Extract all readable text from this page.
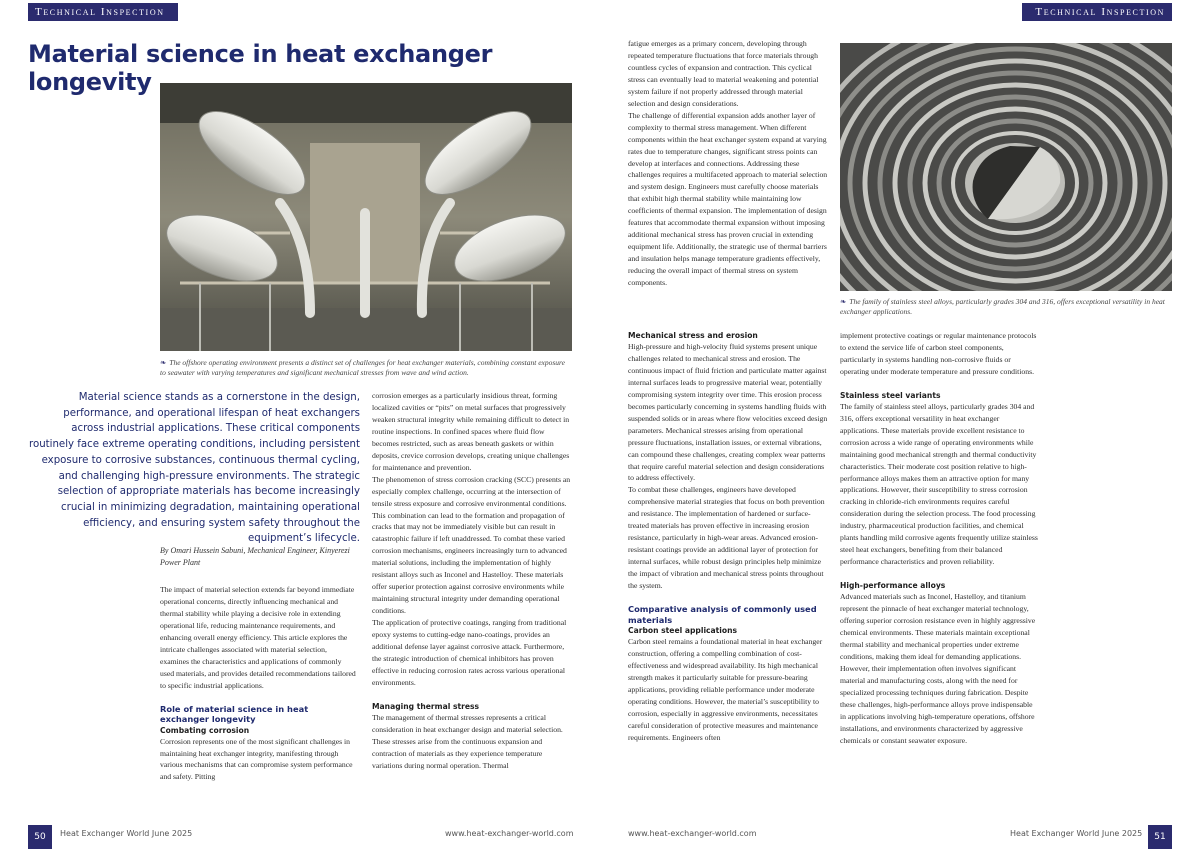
Technical Inspection	Technical Inspection
Material science in heat exchanger longevity
❧ The offshore operating environment presents a distinct set of challenges for heat exchanger materials, combining constant exposure to seawater with varying temperatures and significant mechanical stresses from wave and wind action.

Material science stands as a cornerstone in the design, performance, and operational lifespan of heat exchangers across industrial applications. These critical components routinely face extreme operating conditions, including persistent exposure to corrosive substances, continuous thermal cycling, and challenging high-pressure environments. The strategic selection of appropriate materials has become increasingly crucial in minimizing degradation, maintaining operational efficiency, and ensuring system safety throughout the equipment’s lifecycle.

By Omari Hussein Sabuni, Mechanical Engineer, Kinyerezi Power Plant

The impact of material selection extends far beyond immediate operational concerns, directly influencing mechanical and thermal stability while playing a decisive role in extending operational life, reducing maintenance requirements, and enhancing overall energy efficiency. This article explores the intricate challenges associated with material selection, examines the characteristics and applications of commonly used materials, and provides detailed recommendations tailored to specific industrial applications.

Role of material science in heat exchanger longevity
Combating corrosion

Corrosion represents one of the most significant challenges in maintaining heat exchanger integrity, manifesting through various mechanisms that can compromise system performance and safety. Pitting

corrosion emerges as a particularly insidious threat, forming localized cavities or “pits” on metal surfaces that progressively weaken structural integrity while remaining difficult to detect in routine inspections. In confined spaces where fluid flow becomes restricted, such as areas beneath gaskets or within deposits, crevice corrosion develops, creating unique challenges for maintenance and prevention.

The phenomenon of stress corrosion cracking (SCC) presents an especially complex challenge, occurring at the intersection of tensile stress exposure and corrosive environmental conditions. This combination can lead to the formation and propagation of cracks that may not be immediately visible but can result in catastrophic failure if left unaddressed. To combat these varied corrosion mechanisms, engineers increasingly turn to advanced material solutions, including the implementation of highly resistant alloys such as Inconel and Hastelloy. These materials offer superior protection against corrosive environments while maintaining structural integrity under demanding operational conditions.

The application of protective coatings, ranging from traditional epoxy systems to cutting-edge nano-coatings, provides an additional defense layer against corrosive attack. Furthermore, the strategic introduction of chemical inhibitors has proven effective in reducing corrosion rates across various operational environments.

Managing thermal stress

The management of thermal stresses represents a critical consideration in heat exchanger design and material selection. These stresses arise from the continuous expansion and contraction of materials as they experience temperature variations during normal operation. Thermal

fatigue emerges as a primary concern, developing through repeated temperature fluctuations that force materials through countless cycles of expansion and contraction. This cyclical stress can eventually lead to material weakening and potential system failure if not properly addressed through material selection and design considerations.

The challenge of differential expansion adds another layer of complexity to thermal stress management. When different components within the heat exchanger system expand at varying rates due to temperature changes, significant stress points can develop at interfaces and connections. Addressing these challenges requires a multifaceted approach to material selection and system design. Engineers must carefully choose materials that exhibit high thermal stability while maintaining low coefficients of thermal expansion. The implementation of design features that accommodate thermal expansion without imposing additional mechanical stress has proven crucial in extending equipment life. Additionally, the strategic use of thermal barriers and insulation helps manage temperature gradients effectively, reducing the overall impact of thermal stress on system components.

Mechanical stress and erosion

High-pressure and high-velocity fluid systems present unique challenges related to mechanical stress and erosion. The continuous impact of fluid friction and particulate matter against internal surfaces leads to progressive material wear, potentially compromising system integrity over time. This erosion process becomes particularly concerning in systems handling fluids with suspended solids or in areas where flow velocities exceed design parameters. Mechanical stresses arising from operational pressure fluctuations, installation issues, or external vibrations, can compound these challenges, creating complex wear patterns that require careful material selection and design considerations to address effectively.

To combat these challenges, engineers have developed comprehensive material strategies that focus on both prevention and resistance. The implementation of hardened or surface-treated materials has proven effective in increasing erosion resistance, particularly in high-wear areas. Advanced erosion-resistant coatings provide an additional layer of protection for internal surfaces, while robust design principles help minimize the impact of vibration and mechanical stress points throughout the system.

Comparative analysis of commonly used materials
Carbon steel applications

Carbon steel remains a foundational material in heat exchanger construction, offering a compelling combination of cost-effectiveness and widespread availability. Its high mechanical strength makes it particularly suitable for pressure-bearing applications, providing reliable performance under moderate operating conditions. However, the material’s susceptibility to corrosion, especially in aggressive environments, necessitates careful consideration of protective measures and maintenance requirements. Engineers often

❧ The family of stainless steel alloys, particularly grades 304 and 316, offers exceptional versatility in heat exchanger applications.

implement protective coatings or regular maintenance protocols to extend the service life of carbon steel components, particularly in systems handling non-corrosive fluids or operating under moderate temperature and pressure conditions.

Stainless steel variants

The family of stainless steel alloys, particularly grades 304 and 316, offers exceptional versatility in heat exchanger applications. These materials provide excellent resistance to corrosion across a wide range of operating environments while maintaining good mechanical strength and thermal conductivity characteristics. Their moderate cost position relative to high-performance alloys makes them an attractive option for many applications. However, their susceptibility to stress corrosion cracking in chloride-rich environments requires careful consideration during the selection process. The food processing industry, pharmaceutical production facilities, and chemical plants handling mild corrosive agents frequently utilize stainless steel heat exchangers, benefiting from their balanced performance characteristics and proven reliability.

High-performance alloys

Advanced materials such as Inconel, Hastelloy, and titanium represent the pinnacle of heat exchanger material technology, offering superior corrosion resistance even in highly aggressive chemical environments. These materials maintain exceptional thermal stability and mechanical properties under extreme conditions, making them ideal for demanding applications. However, their implementation often involves significant material and manufacturing costs, along with the need for specialized processing techniques during fabrication. Despite these challenges, high-performance alloys prove indispensable in applications involving high-temperature operations, offshore installations, and environments characterized by aggressive chemicals or constant seawater exposure.

50	Heat Exchanger World June 2025	www.heat-exchanger-world.com	www.heat-exchanger-world.com	Heat Exchanger World June 2025	51
